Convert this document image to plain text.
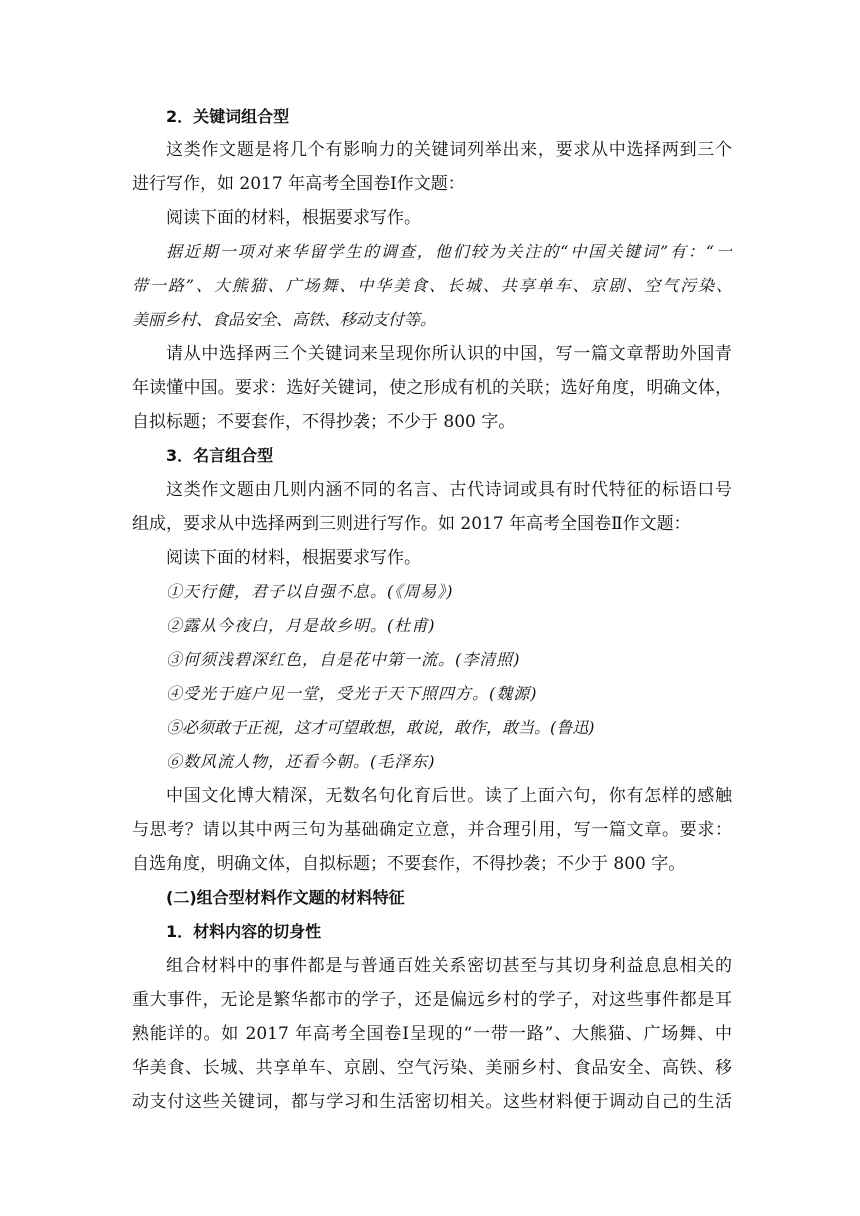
2．关键词组合型
这类作文题是将几个有影响力的关键词列举出来，要求从中选择两到三个
进行写作，如 2017 年高考全国卷Ⅰ作文题：
阅读下面的材料，根据要求写作。
据近期一项对来华留学生的调查，他们较为关注的“中国关键词”有：“一
带一路”、大熊猫、广场舞、中华美食、长城、共享单车、京剧、空气污染、
美丽乡村、食品安全、高铁、移动支付等。
请从中选择两三个关键词来呈现你所认识的中国，写一篇文章帮助外国青
年读懂中国。要求：选好关键词，使之形成有机的关联；选好角度，明确文体，
自拟标题；不要套作，不得抄袭；不少于 800 字。
3．名言组合型
这类作文题由几则内涵不同的名言、古代诗词或具有时代特征的标语口号
组成，要求从中选择两到三则进行写作。如 2017 年高考全国卷Ⅱ作文题：
阅读下面的材料，根据要求写作。
①天行健，君子以自强不息。(《周易》)
②露从今夜白，月是故乡明。(杜甫)
③何须浅碧深红色，自是花中第一流。(李清照)
④受光于庭户见一堂，受光于天下照四方。(魏源)
⑤必须敢于正视，这才可望敢想，敢说，敢作，敢当。(鲁迅)
⑥数风流人物，还看今朝。(毛泽东)
中国文化博大精深，无数名句化育后世。读了上面六句，你有怎样的感触
与思考？请以其中两三句为基础确定立意，并合理引用，写一篇文章。要求：
自选角度，明确文体，自拟标题；不要套作，不得抄袭；不少于 800 字。
(二)组合型材料作文题的材料特征
1．材料内容的切身性
组合材料中的事件都是与普通百姓关系密切甚至与其切身利益息息相关的
重大事件，无论是繁华都市的学子，还是偏远乡村的学子，对这些事件都是耳
熟能详的。如 2017 年高考全国卷Ⅰ呈现的“一带一路”、大熊猫、广场舞、中
华美食、长城、共享单车、京剧、空气污染、美丽乡村、食品安全、高铁、移
动支付这些关键词，都与学习和生活密切相关。这些材料便于调动自己的生活
